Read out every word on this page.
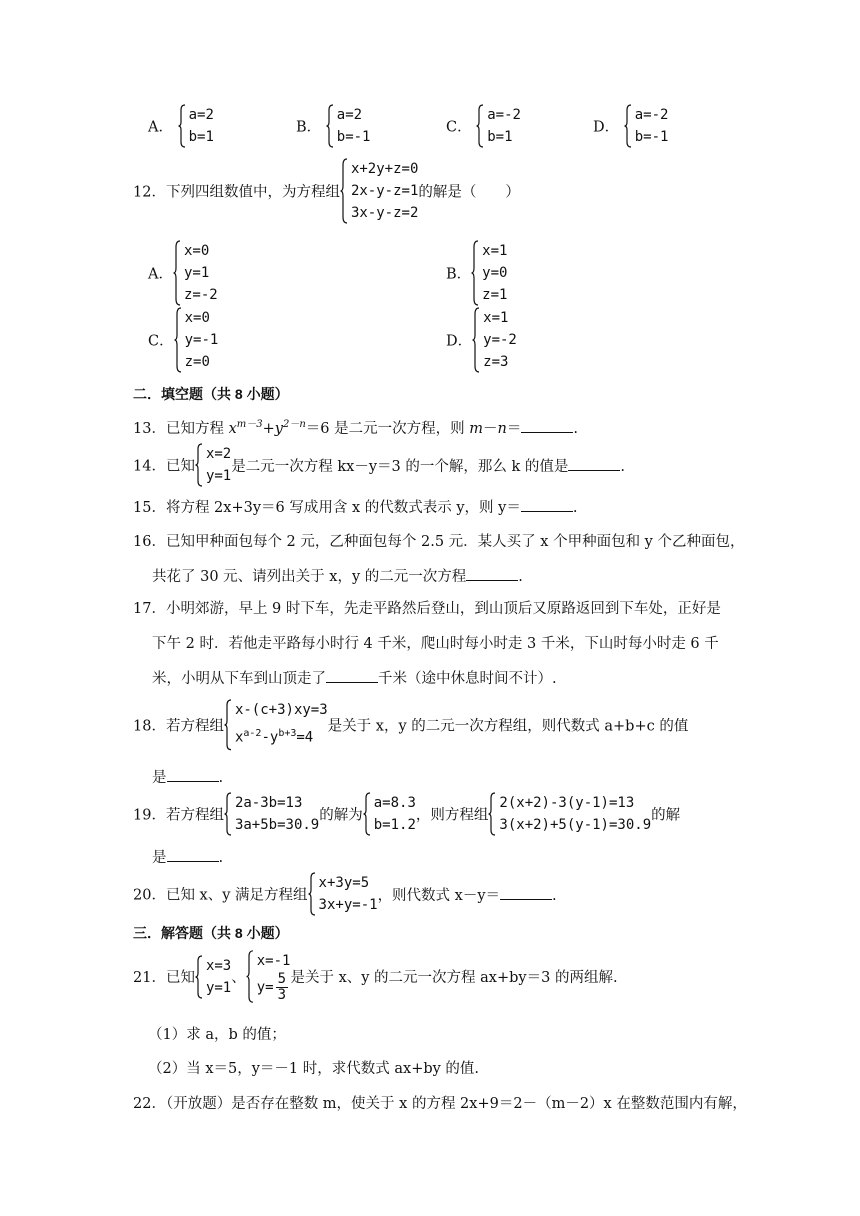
A．
a=2
b=1
B．
a=2
b=-1
C．
a=-2
b=1
D．
a=-2
b=-1
12．下列四组数值中，为方程组
x+2y+z=0
2x-y-z=1
3x-y-z=2
的解是（　　）
A．
x=0
y=1
z=-2
B．
x=1
y=0
z=1
C．
x=0
y=-1
z=0
D．
x=1
y=-2
z=3
二．填空题（共 8 小题）
13．已知方程 $x^{m-3}+y^{2-n}=6$ 是二元一次方程，则 m－n＝	.
14．已知
x=2
y=1
是二元一次方程 kx－y＝3 的一个解，那么 k 的值是	.
15．将方程 2x+3y＝6 写成用含 x 的代数式表示 y，则 y＝	.
16．已知甲种面包每个 2 元，乙种面包每个 2.5 元．某人买了 x 个甲种面包和 y 个乙种面包，
共花了 30 元、请列出关于 x，y 的二元一次方程	.
17．小明郊游，早上 9 时下车，先走平路然后登山，到山顶后又原路返回到下车处，正好是
下午 2 时．若他走平路每小时行 4 千米，爬山时每小时走 3 千米，下山时每小时走 6 千
米，小明从下车到山顶走了	千米（途中休息时间不计）.
18．若方程组
x-(c+3)xy=3
$x^{a-2}-y^{b+3}=4$
是关于 x，y 的二元一次方程组，则代数式 a+b+c 的值
是	.
19．若方程组
2a-3b=13
3a+5b=30.9
的解为
a=8.3
b=1.2
，则方程组
2(x+2)-3(y-1)=13
3(x+2)+5(y-1)=30.9
的解
是	.
20．已知 x、y 满足方程组
x+3y=5
3x+y=-1
，则代数式 x－y＝	.
三．解答题（共 8 小题）
21．已知
x=3
y=1
、
x=-1
$y= \frac{5}{3}$ 是关于 x、y 的二元一次方程 ax+by＝3 的两组解.
（1）求 a，b 的值；
（2）当 x＝5，y＝－1 时，求代数式 ax+by 的值.
22．（开放题）是否存在整数 m，使关于 x 的方程 2x+9＝2－（m－2）x 在整数范围内有解，
